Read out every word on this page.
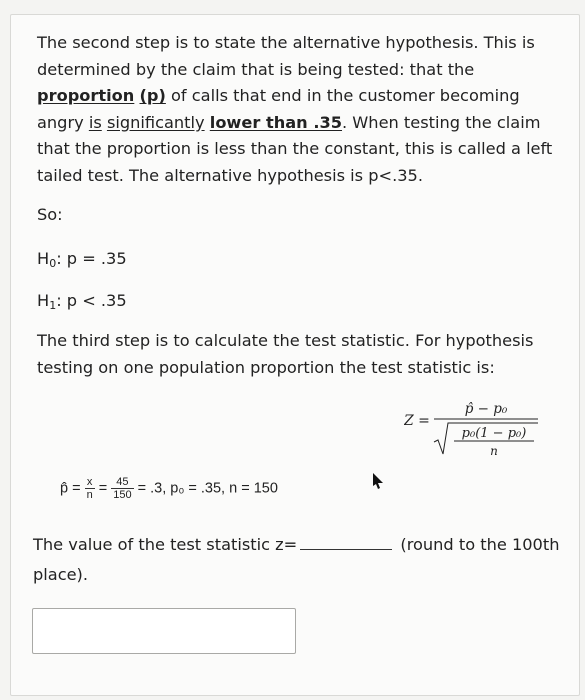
The second step is to state the alternative hypothesis. This is determined by the claim that is being tested: that the proportion (p) of calls that end in the customer becoming angry is significantly lower than .35. When testing the claim that the proportion is less than the constant, this is called a left tailed test. The alternative hypothesis is p<.35.
So:
$H_0$: p = .35
$H_1$: p < .35
The third step is to calculate the test statistic. For hypothesis testing on one population proportion the test statistic is:
Z =
p̂ − p₀
p₀(1 − p₀)
n
p̂ = $\frac{x}{n} = \frac{45}{150} = .3$, p₀ = .35, n = 150
The value of the test statistic z=	(round to the 100th place).
